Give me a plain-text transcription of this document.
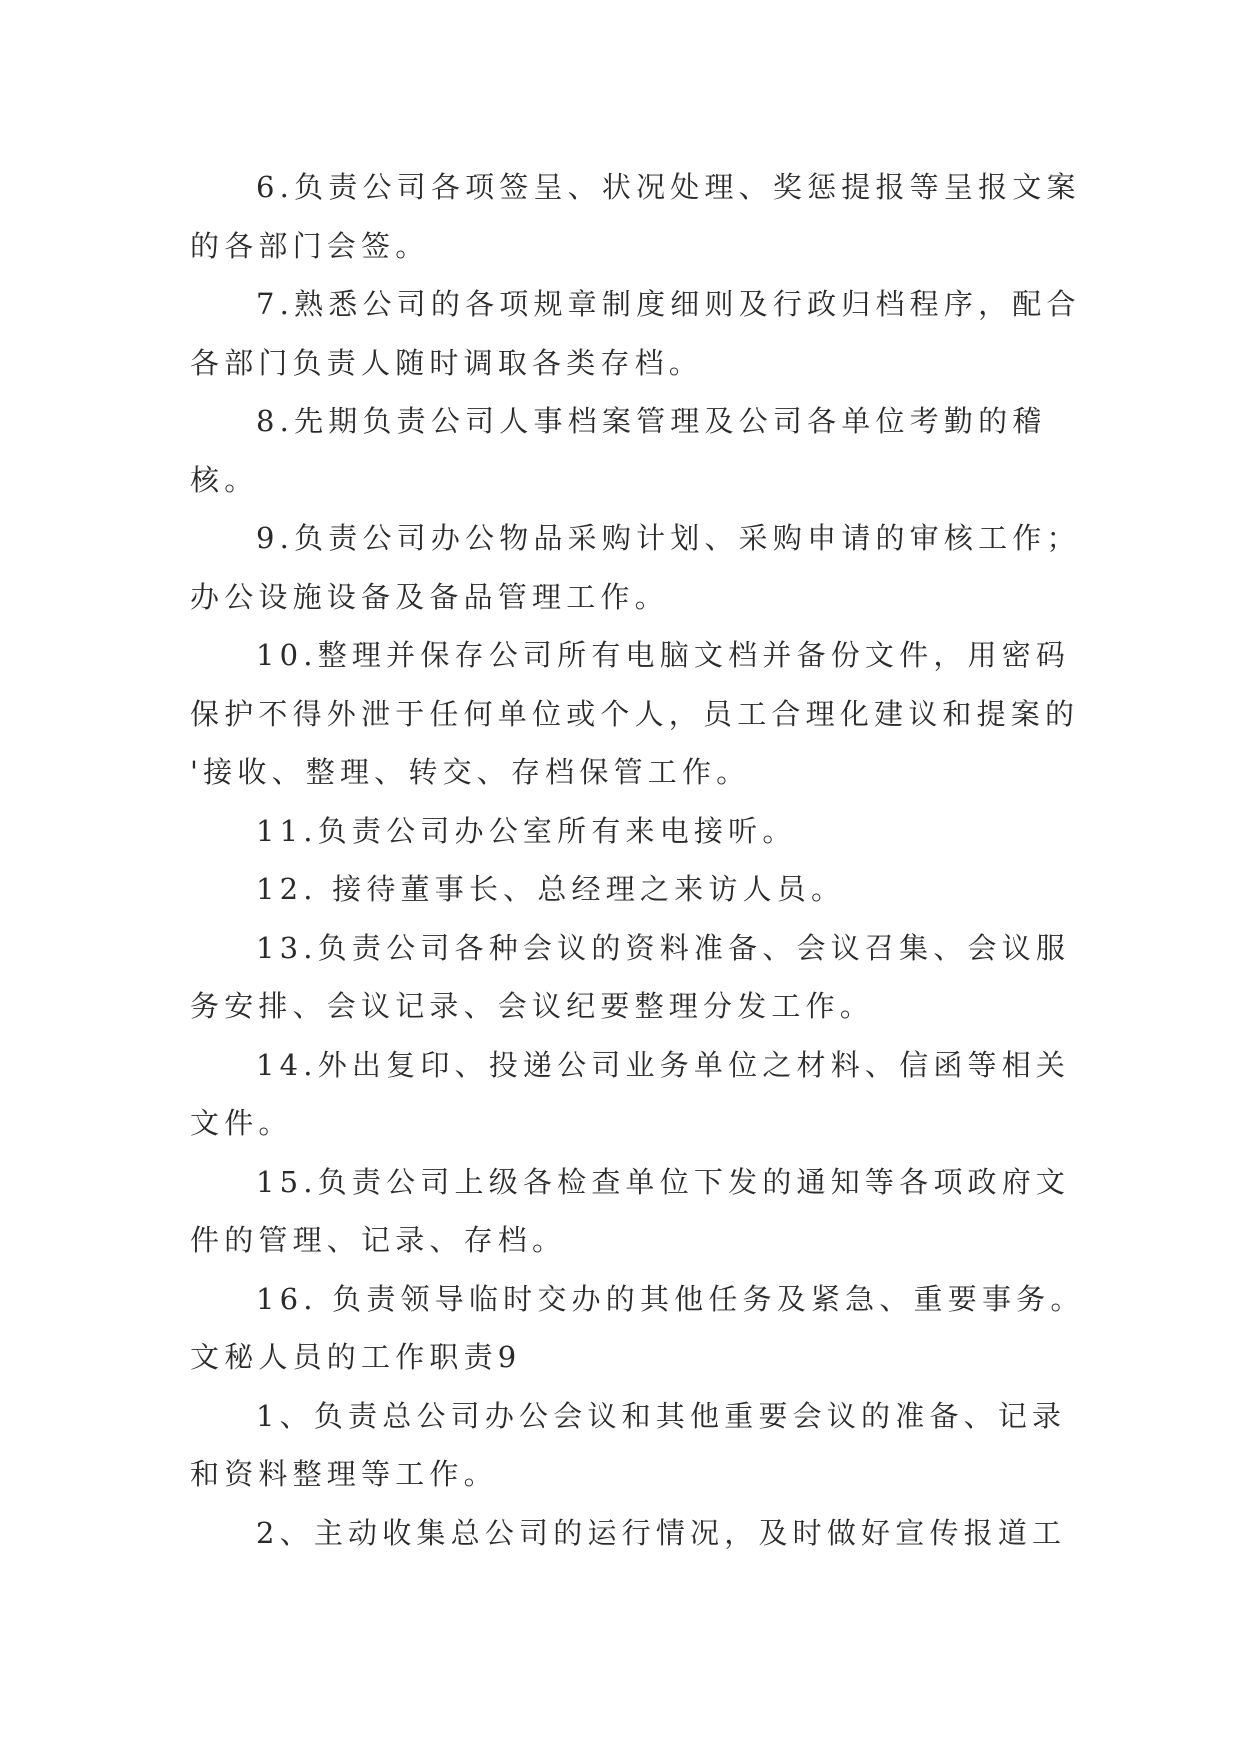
6.负责公司各项签呈、状况处理、奖惩提报等呈报文案
的各部门会签。
7.熟悉公司的各项规章制度细则及行政归档程序，配合
各部门负责人随时调取各类存档。
8.先期负责公司人事档案管理及公司各单位考勤的稽
核。
9.负责公司办公物品采购计划、采购申请的审核工作；
办公设施设备及备品管理工作。
10.整理并保存公司所有电脑文档并备份文件，用密码
保护不得外泄于任何单位或个人，员工合理化建议和提案的
'接收、整理、转交、存档保管工作。
11.负责公司办公室所有来电接听。
12. 接待董事长、总经理之来访人员。
13.负责公司各种会议的资料准备、会议召集、会议服
务安排、会议记录、会议纪要整理分发工作。
14.外出复印、投递公司业务单位之材料、信函等相关
文件。
15.负责公司上级各检查单位下发的通知等各项政府文
件的管理、记录、存档。
16. 负责领导临时交办的其他任务及紧急、重要事务。
文秘人员的工作职责9
1、负责总公司办公会议和其他重要会议的准备、记录
和资料整理等工作。
2、主动收集总公司的运行情况，及时做好宣传报道工
